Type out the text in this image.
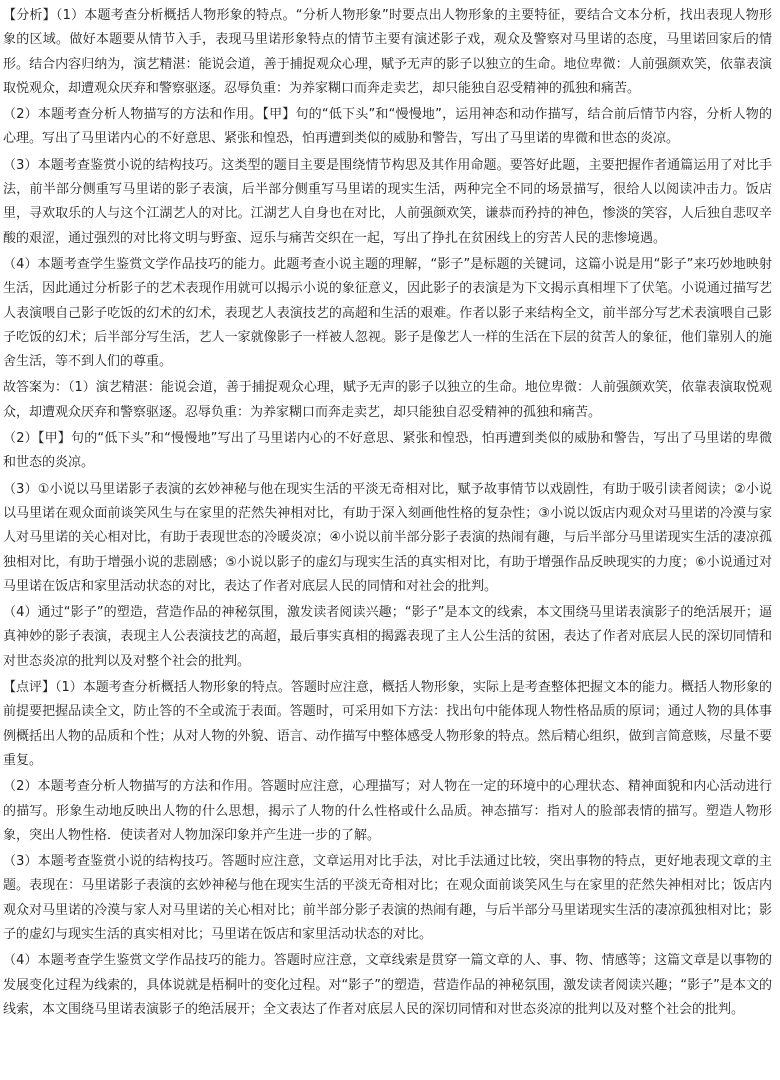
【分析】（1）本题考查分析概括人物形象的特点。“分析人物形象”时要点出人物形象的主要特征，要结合文本分析，找出表现人物形象的区域。做好本题要从情节入手，表现马里诺形象特点的情节主要有演述影子戏，观众及警察对马里诺的态度，马里诺回家后的情形。结合内容归纳为，演艺精湛：能说会道，善于捕捉观众心理，赋予无声的影子以独立的生命。地位卑微：人前强颜欢笑，依靠表演取悦观众，却遭观众厌弃和警察驱逐。忍辱负重：为养家糊口而奔走卖艺，却只能独自忍受精神的孤独和痛苦。

（2）本题考查分析人物描写的方法和作用。【甲】句的“低下头”和“慢慢地”，运用神态和动作描写，结合前后情节内容，分析人物的心理。写出了马里诺内心的不好意思、紧张和惶恐，怕再遭到类似的威胁和警告，写出了马里诺的卑微和世态的炎凉。

（3）本题考查鉴赏小说的结构技巧。这类型的题目主要是围绕情节构思及其作用命题。要答好此题，主要把握作者通篇运用了对比手法，前半部分侧重写马里诺的影子表演，后半部分侧重写马里诺的现实生活，两种完全不同的场景描写，很给人以阅读冲击力。饭店里，寻欢取乐的人与这个江湖艺人的对比。江湖艺人自身也在对比，人前强颜欢笑，谦恭而矜持的神色，惨淡的笑容，人后独自悲叹辛酸的艰涩，通过强烈的对比将文明与野蛮、逗乐与痛苦交织在一起，写出了挣扎在贫困线上的穷苦人民的悲惨境遇。

（4）本题考查学生鉴赏文学作品技巧的能力。此题考查小说主题的理解，“影子”是标题的关键词，这篇小说是用“影子”来巧妙地映射生活，因此通过分析影子的艺术表现作用就可以揭示小说的象征意义，因此影子的表演是为下文揭示真相埋下了伏笔。小说通过描写艺人表演喂自己影子吃饭的幻术的幻术，表现艺人表演技艺的高超和生活的艰难。作者以影子来结构全文，前半部分写艺术表演喂自己影子吃饭的幻术；后半部分写生活，艺人一家就像影子一样被人忽视。影子是像艺人一样的生活在下层的贫苦人的象征，他们靠别人的施舍生活，等不到人们的尊重。

故答案为：（1）演艺精湛：能说会道，善于捕捉观众心理，赋予无声的影子以独立的生命。地位卑微：人前强颜欢笑，依靠表演取悦观众，却遭观众厌弃和警察驱逐。忍辱负重：为养家糊口而奔走卖艺，却只能独自忍受精神的孤独和痛苦。

（2）【甲】句的“低下头”和“慢慢地”写出了马里诺内心的不好意思、紧张和惶恐，怕再遭到类似的威胁和警告，写出了马里诺的卑微和世态的炎凉。

（3）①小说以马里诺影子表演的玄妙神秘与他在现实生活的平淡无奇相对比，赋予故事情节以戏剧性，有助于吸引读者阅读；②小说以马里诺在观众面前谈笑风生与在家里的茫然失神相对比，有助于深入刻画他性格的复杂性；③小说以饭店内观众对马里诺的冷漠与家人对马里诺的关心相对比，有助于表现世态的冷暖炎凉；④小说以前半部分影子表演的热闹有趣，与后半部分马里诺现实生活的凄凉孤独相对比，有助于增强小说的悲剧感；⑤小说以影子的虚幻与现实生活的真实相对比，有助于增强作品反映现实的力度；⑥小说通过对马里诺在饭店和家里活动状态的对比，表达了作者对底层人民的同情和对社会的批判。

（4）通过“影子”的塑造，营造作品的神秘氛围，激发读者阅读兴趣；“影子”是本文的线索，本文围绕马里诺表演影子的绝活展开；逼真神妙的影子表演，表现主人公表演技艺的高超，最后事实真相的揭露表现了主人公生活的贫困，表达了作者对底层人民的深切同情和对世态炎凉的批判以及对整个社会的批判。

【点评】（1）本题考查分析概括人物形象的特点。答题时应注意，概括人物形象，实际上是考查整体把握文本的能力。概括人物形象的前提要把握品读全文，防止答的不全或流于表面。答题时，可采用如下方法：找出句中能体现人物性格品质的原词；通过人物的具体事例概括出人物的品质和个性；从对人物的外貌、语言、动作描写中整体感受人物形象的特点。然后精心组织，做到言简意赅，尽量不要重复。

（2）本题考查分析人物描写的方法和作用。答题时应注意，心理描写；对人物在一定的环境中的心理状态、精神面貌和内心活动进行的描写。形象生动地反映出人物的什么思想，揭示了人物的什么性格或什么品质。神态描写：指对人的脸部表情的描写。塑造人物形象，突出人物性格．使读者对人物加深印象并产生进一步的了解。

（3）本题考查鉴赏小说的结构技巧。答题时应注意，文章运用对比手法，对比手法通过比较，突出事物的特点，更好地表现文章的主题。表现在：马里诺影子表演的玄妙神秘与他在现实生活的平淡无奇相对比；在观众面前谈笑风生与在家里的茫然失神相对比；饭店内观众对马里诺的冷漠与家人对马里诺的关心相对比；前半部分影子表演的热闹有趣，与后半部分马里诺现实生活的凄凉孤独相对比；影子的虚幻与现实生活的真实相对比；马里诺在饭店和家里活动状态的对比。

（4）本题考查学生鉴赏文学作品技巧的能力。答题时应注意，文章线索是贯穿一篇文章的人、事、物、情感等；这篇文章是以事物的发展变化过程为线索的，具体说就是梧桐叶的变化过程。对“影子”的塑造，营造作品的神秘氛围，激发读者阅读兴趣；“影子”是本文的线索，本文围绕马里诺表演影子的绝活展开；全文表达了作者对底层人民的深切同情和对世态炎凉的批判以及对整个社会的批判。
